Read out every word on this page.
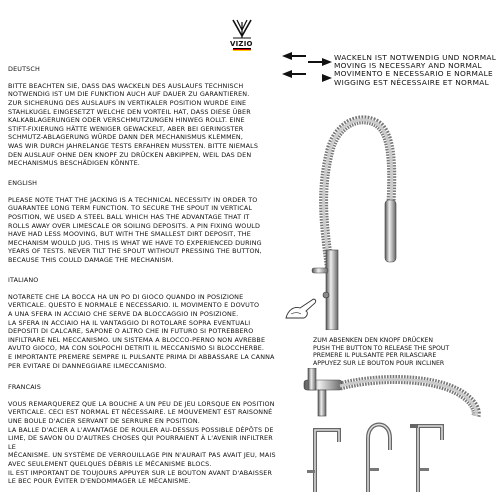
VIZIO

DEUTSCH

BITTE BEACHTEN SIE, DASS DAS WACKELN DES AUSLAUFS TECHNISCH
NOTWENDIG IST UM DIE FUNKTION AUCH AUF DAUER ZU GARANTIEREN.
ZUR SICHERUNG DES AUSLAUFS IN VERTIKALER POSITION WURDE EINE
STAHLKUGEL EINGESETZT WELCHE DEN VORTEIL HAT, DASS DIESE ÜBER
KALKABLAGERUNGEN ODER VERSCHMUTZUNGEN HINWEG ROLLT. EINE
STIFT-FIXIERUNG HÄTTE WENIGER GEWACKELT, ABER BEI GERINGSTER
SCHMUTZ-ABLAGERUNG WÜRDE DANN DER MECHANISMUS KLEMMEN,
WAS WIR DURCH JAHRELANGE TESTS ERFAHREN MUSSTEN. BITTE NIEMALS
DEN AUSLAUF OHNE DEN KNOPF ZU DRÜCKEN ABKIPPEN, WEIL DAS DEN
MECHANISMUS BESCHÄDIGEN KÖNNTE.

ENGLISH

PLEASE NOTE THAT THE JACKING IS A TECHNICAL NECESSITY IN ORDER TO
GUARANTEE LONG TERM FUNCTION. TO SECURE THE SPOUT IN VERTICAL
POSITION, WE USED A STEEL BALL WHICH HAS THE ADVANTAGE THAT IT
ROLLS AWAY OVER LIMESCALE OR SOILING DEPOSITS. A PIN FIXING WOULD
HAVE HAD LESS MOOVING, BUT WITH THE SMALLEST DIRT DEPOSIT, THE
MECHANISM WOULD JUG. THIS IS WHAT WE HAVE TO EXPERIENCED DURING
YEARS OF TESTS. NEVER TILT THE SPOUT WITHOUT PRESSING THE BUTTON,
BECAUSE THIS COULD DAMAGE THE MECHANISM.

ITALIANO

NOTARETE CHE LA BOCCA HA UN PO DI GIOCO QUANDO IN POSIZIONE
VERTICALE. QUESTO E NORMALE E NECESSARIO. IL MOVIMENTO E DOVUTO
A UNA SFERA IN ACCIAIO CHE SERVE DA BLOCCAGGIO IN POSIZIONE.
LA SFERA IN ACCIAIO HA IL VANTAGGIO DI ROTOLARE SOPRA EVENTUALI
DEPOSITI DI CALCARE, SAPONE O ALTRO CHE IN FUTURO SI POTREBBERO
INFILTRARE NEL MECCANISMO. UN SISTEMA A BLOCCO-PERNO NON AVREBBE
AVUTO GIOCO, MA CON SOLPOCHI DETRITI IL MECCANISMO SI BLOCCHERBE.
E IMPORTANTE PREMERE SEMPRE IL PULSANTE PRIMA DI ABBASSARE LA CANNA
PER EVITARE DI DANNEGGIARE ILMECCANISMO.

FRANCAIS

VOUS REMARQUEREZ QUE LA BOUCHE A UN PEU DE JEU LORSQUE EN POSITION
VERTICALE. CECI EST NORMAL ET NÉCESSAIRE. LE MOUVEMENT EST RAISONNÉ
UNE BOULE D'ACIER SERVANT DE SERRURE EN POSITION.
LA BALLE D'ACIER A L'AVANTAGE DE ROULER AU-DESSUS POSSIBLE DÉPÔTS DE
LIME, DE SAVON OU D'AUTRES CHOSES QUI POURRAIENT À L'AVENIR INFILTRER LE
MÉCANISME. UN SYSTÈME DE VERROUILLAGE PIN N'AURAIT PAS AVAIT JEU, MAIS
AVEC SEULEMENT QUELQUES DÉBRIS LE MÉCANISME BLOCS.
IL EST IMPORTANT DE TOUJOURS APPUYER SUR LE BOUTON AVANT D'ABAISSER
LE BEC POUR ÉVITER D'ENDOMMAGER LE MÉCANISME.

WACKELN IST NOTWENDIG UND NORMAL
MOVING IS NECESSARY AND NORMAL
MOVIMENTO E NECESSARIO E NORMALE
WIGGING EST NÉCESSAIRE ET NORMAL
ZUM ABSENKEN DEN KNOPF DRÜCKEN
PUSH THE BUTTON TO RELEASE THE SPOUT
PREMERE IL PULSANTE PER RILASCIARE
APPUYEZ SUR LE BOUTON POUR INCLINER
